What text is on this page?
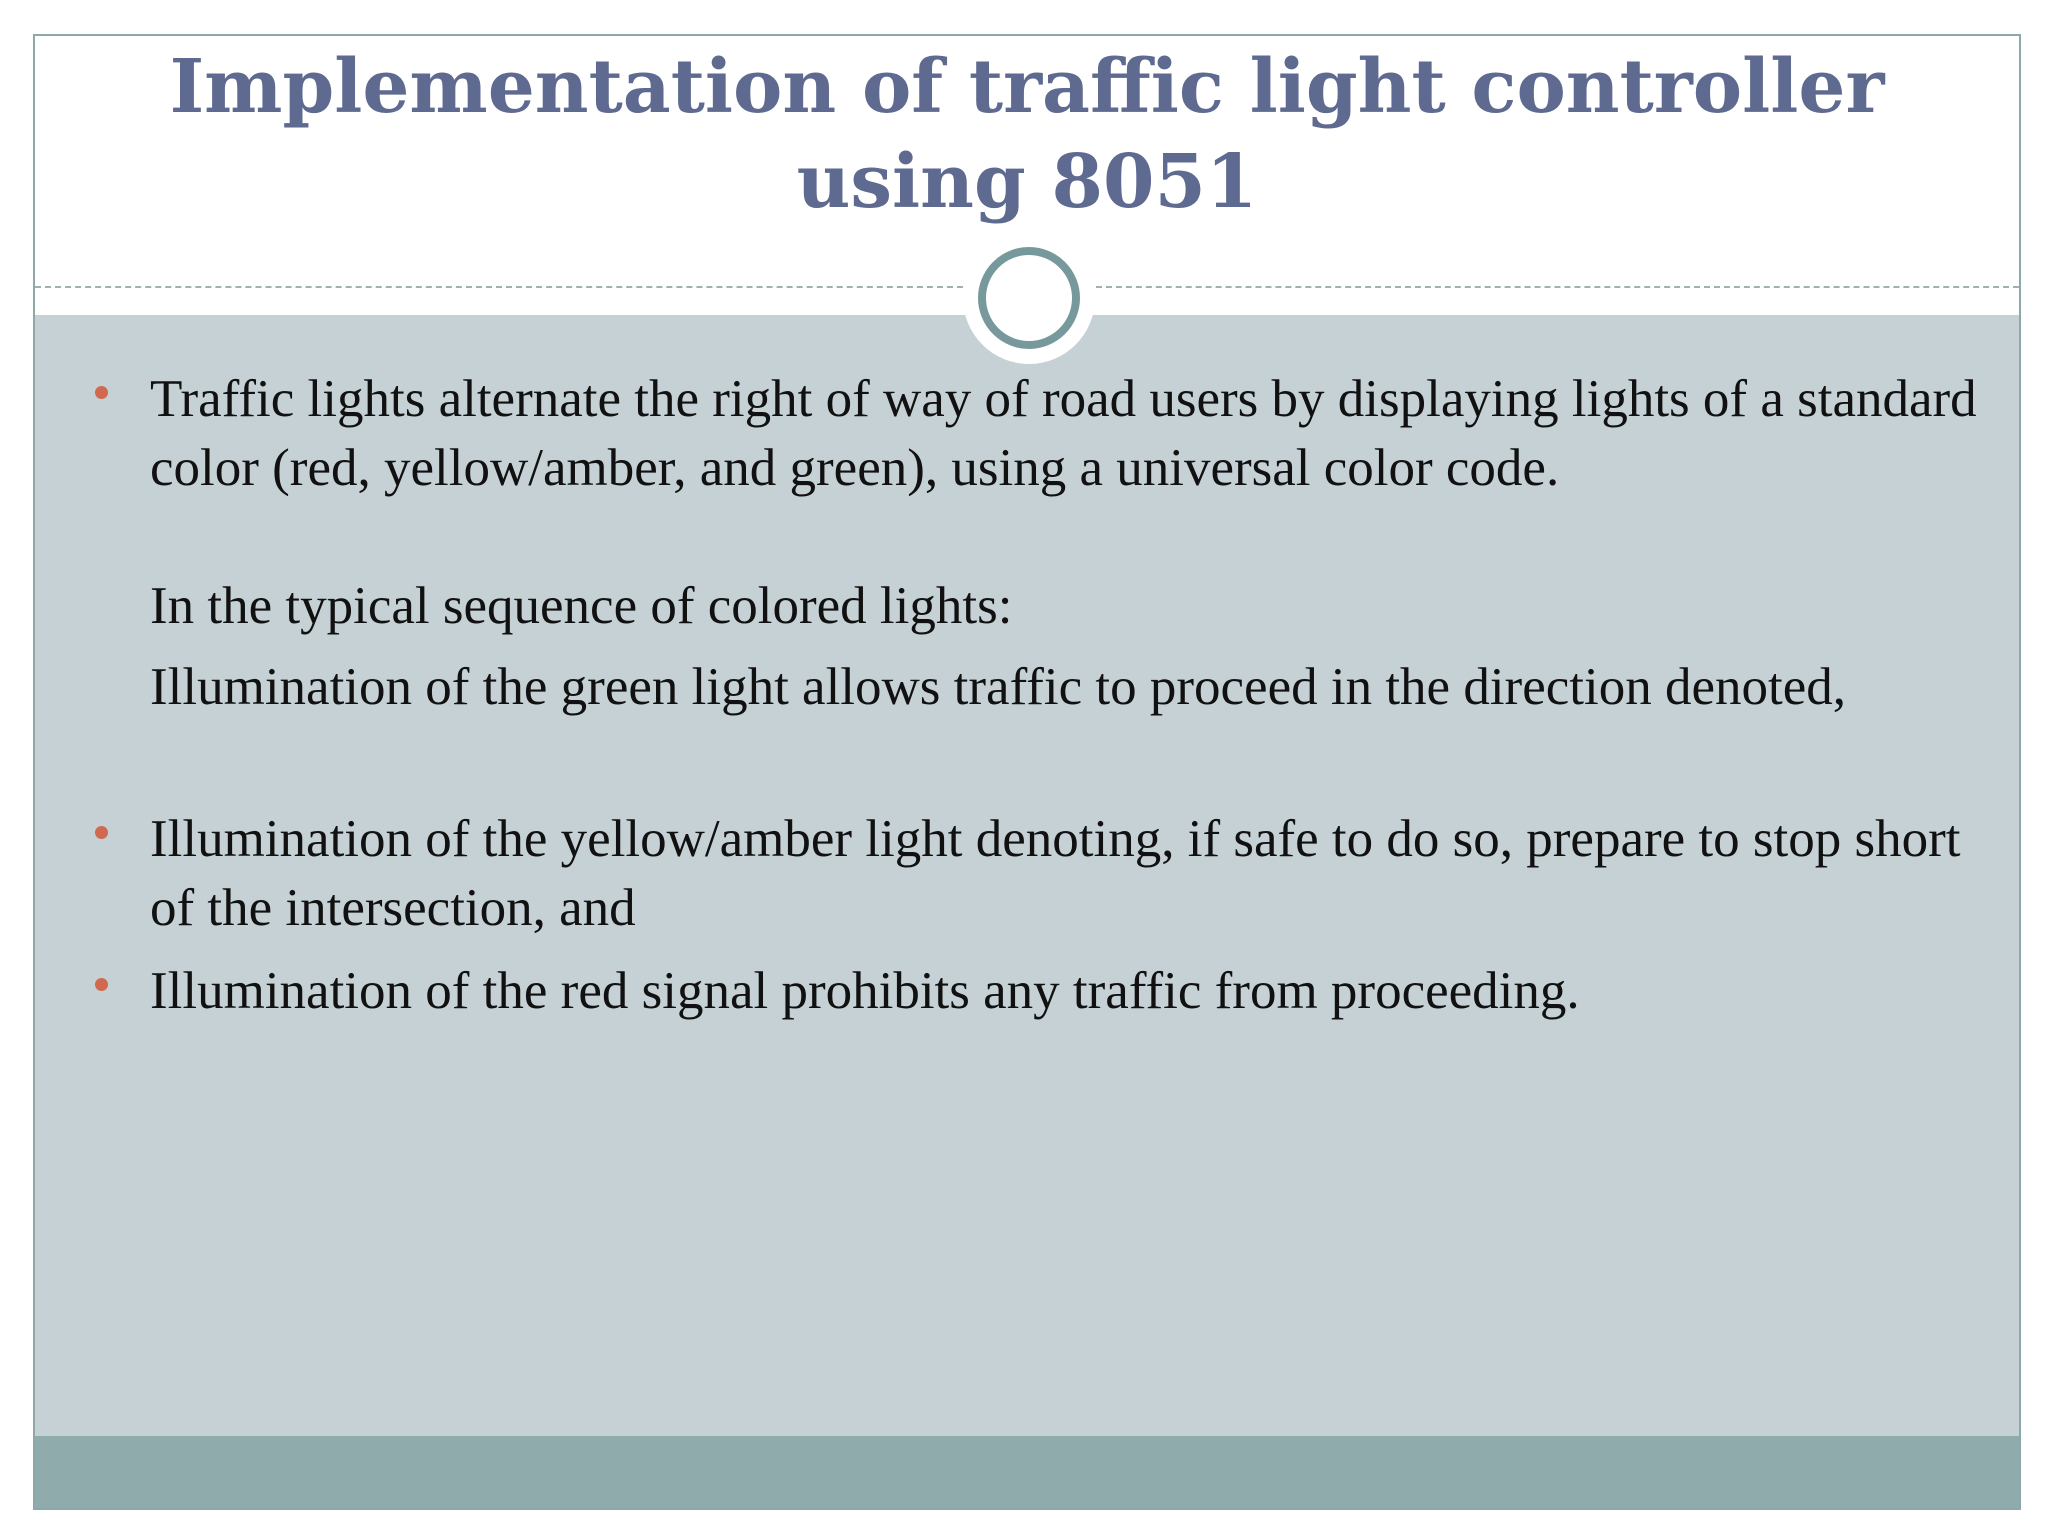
Implementation of traffic light controller using 8051
Traffic lights alternate the right of way of road users by displaying lights of a standard color (red, yellow/amber, and green), using a universal color code.
In the typical sequence of colored lights:
Illumination of the green light allows traffic to proceed in the direction denoted,
Illumination of the yellow/amber light denoting, if safe to do so, prepare to stop short of the intersection, and
Illumination of the red signal prohibits any traffic from proceeding.
